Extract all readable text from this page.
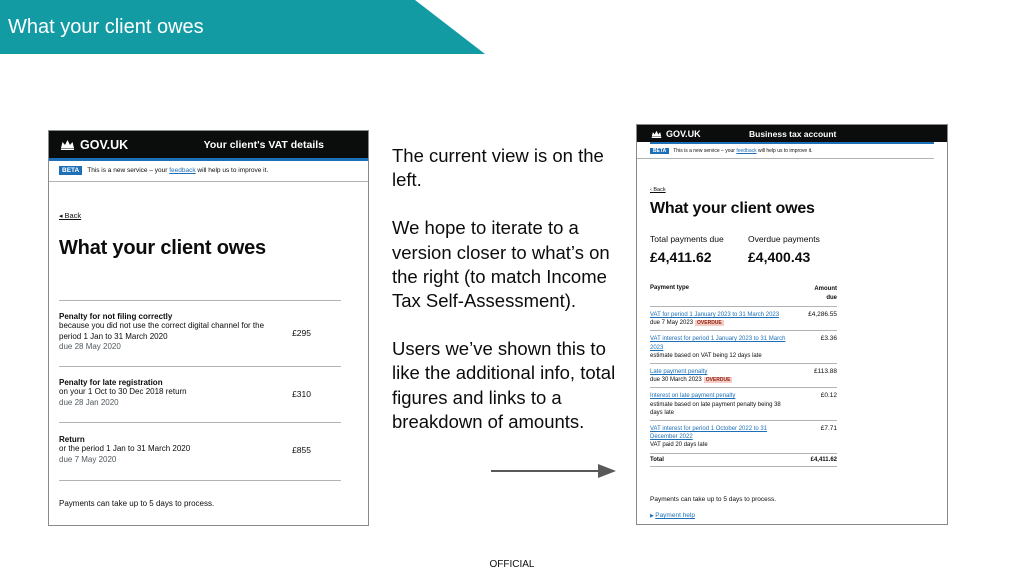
What your client owes
GOV.UK	Your client's VAT details
BETA	This is a new service – your feedback will help us to improve it.
◂ Back
What your client owes
Penalty for not filing correctly
because you did not use the correct digital channel for the period 1 Jan to 31 March 2020
due 28 May 2020
£295
Penalty for late registration
on your 1 Oct to 30 Dec 2018 return
due 28 Jan 2020
£310
Return
or the period 1 Jan to 31 March 2020
due 7 May 2020
£855
Payments can take up to 5 days to process.

The current view is on the left.

We hope to iterate to a version closer to what’s on the right (to match Income Tax Self-Assessment).

Users we’ve shown this to like the additional info, total figures and links to a breakdown of amounts.

GOV.UK	Business tax account
BETA	This is a new service – your feedback will help us to improve it.
‹ Back
What your client owes
Total payments due
£4,411.62
Overdue payments
£4,400.43
Payment type	Amount
due
VAT for period 1 January 2023 to 31 March 2023
due 7 May 2023 OVERDUE
£4,286.55
VAT interest for period 1 January 2023 to 31 March 2023
estimate based on VAT being 12 days late
£3.36
Late payment penalty
due 30 March 2023 OVERDUE
£113.88
Interest on late payment penalty
estimate based on late payment penalty being 38 days late
£0.12
VAT interest for period 1 October 2022 to 31 December 2022
VAT paid 20 days late
£7.71
Total	£4,411.62
Payments can take up to 5 days to process.
▶ Payment help
OFFICIAL
